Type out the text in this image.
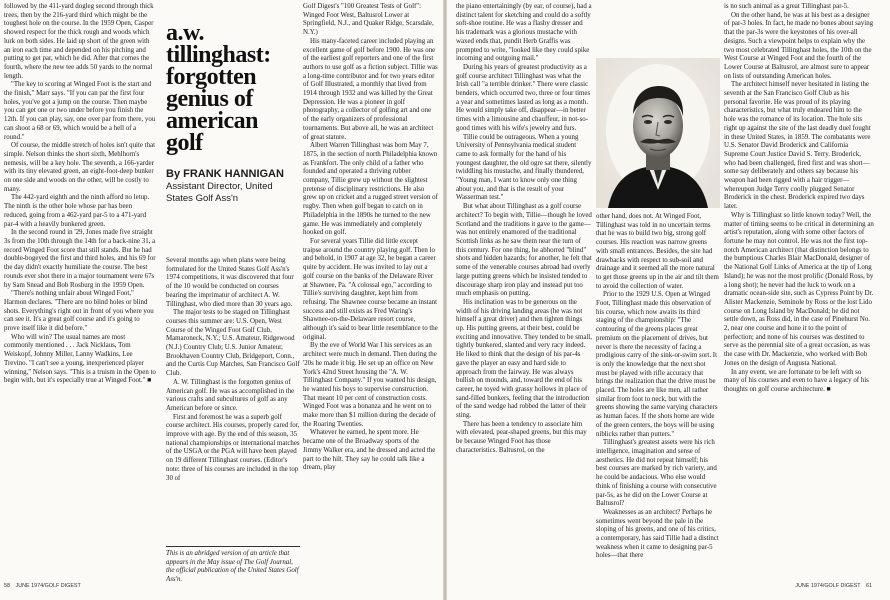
followed by the 411-yard dogleg second through thick trees, then by the 216-yard third which might be the toughest hole on the course. In the 1959 Open, Casper showed respect for the thick rough and woods which lurk on both sides. He laid up short of the green with an iron each time and depended on his pitching and putting to get par, which he did. After that comes the fourth, where the new tee adds 50 yards to the normal length.

"The key to scoring at Winged Foot is the start and the finish," Marr says. "If you can par the first four holes, you've got a jump on the course. Then maybe you can get one or two under before you finish the 12th. If you can play, say, one over par from there, you can shoot a 68 or 69, which would be a hell of a round."

Of course, the middle stretch of holes isn't quite that simple. Nelson thinks the short sixth, Mehlhorn's nemesis, will be a key hole. The seventh, a 166-yarder with its tiny elevated green, an eight-foot-deep bunker on one side and woods on the other, will be costly to many.

The 442-yard eighth and the ninth afford no letup. The ninth is the other hole whose par has been reduced, going from a 462-yard par-5 to a 471-yard par-4 with a heavily bunkered green.

In the second round in '29, Jones made five straight 3s from the 10th through the 14th for a back-nine 31, a record Winged Foot score that still stands. But he had double-bogeyed the first and third holes, and his 69 for the day didn't exactly humiliate the course. The best rounds ever shot there in a major tournament were 67s by Sam Snead and Bob Rosburg in the 1959 Open.

"There's nothing unfair about Winged Foot," Harmon declares. "There are no blind holes or blind shots. Everything's right out in front of you where you can see it. It's a great golf course and it's going to prove itself like it did before."

Who will win? The usual names are most commonly mentioned . . . Jack Nicklaus, Tom Weiskopf, Johnny Miller, Lanny Wadkins, Lee Trevino. "I can't see a young, inexperienced player winning," Nelson says. "This is a truism in the Open to begin with, but it's especially true at Winged Foot." ■

a.w. tillinghast: forgotten genius of american golf
By FRANK HANNIGAN
Assistant Director, United States Golf Ass'n

Several months ago when plans were being formulated for the United States Golf Ass'n's 1974 competitions, it was discovered that four of the 10 would be conducted on courses bearing the imprimatur of architect A. W. Tillinghast, who died more than 30 years ago.

The major tests to be staged on Tillinghast courses this summer are: U.S. Open, West Course of the Winged Foot Golf Club, Mamaroneck, N.Y.; U.S. Amateur, Ridgewood (N.J.) Country Club; U.S. Junior Amateur, Brookhaven Country Club, Bridgeport, Conn., and the Curtis Cup Matches, San Francisco Golf Club.

A. W. Tillinghast is the forgotten genius of American golf. He was as accomplished in the various crafts and subcultures of golf as any American before or since.

First and foremost he was a superb golf course architect. His courses, properly cared for, improve with age. By the end of this season, 35 national championships or international matches of the USGA or the PGA will have been played on 19 different Tillinghast courses. (Editor's note: three of his courses are included in the top 30 of

This is an abridged version of an article that appears in the May issue of The Golf Journal, the official publication of the United States Golf Ass'n.

Golf Digest's "100 Greatest Tests of Golf": Winged Foot West, Baltusrol Lower at Springfield, N.J., and Quaker Ridge, Scarsdale, N.Y.)

His many-faceted career included playing an excellent game of golf before 1900. He was one of the earliest golf reporters and one of the first authors to use golf as a fiction subject. Tillie was a long-time contributor and for two years editor of Golf Illustrated, a monthly that lived from 1914 through 1932 and was killed by the Great Depression. He was a pioneer in golf photography, a collector of golfing art and one of the early organizers of professional tournaments. But above all, he was an architect of great stature.

Albert Warren Tillinghast was born May 7, 1875, in the section of north Philadelphia known as Frankfort. The only child of a father who founded and operated a thriving rubber company, Tillie grew up without the slightest pretense of disciplinary restrictions. He also grew up on cricket and a rugged street version of rugby. Then when golf began to catch on in Philadelphia in the 1890s he turned to the new game. He was immediately and completely hooked on golf.

For several years Tillie did little except traipse around the country playing golf. Then lo and behold, in 1907 at age 32, he began a career quite by accident. He was invited to lay out a golf course on the banks of the Delaware River at Shawnee, Pa. "A colossal ego," according to Tillie's surviving daughter, kept him from refusing. The Shawnee course became an instant success and still exists as Fred Waring's Shawnee-on-the-Delaware resort course, although it's said to bear little resemblance to the original.

By the eve of World War I his services as an architect were much in demand. Then during the '20s he made it big. He set up an office on New York's 42nd Street housing the "A. W. Tillinghast Company." If you wanted his design, he wanted his boys to supervise construction. That meant 10 per cent of construction costs. Winged Foot was a bonanza and he went on to make more than $1 million during the decade of the Roaring Twenties.

Whatever he earned, he spent more. He became one of the Broadway sports of the Jimmy Walker era, and he dressed and acted the part to the hilt. They say he could talk like a dream, play

the piano entertainingly (by ear, of course), had a distinct talent for sketching and could do a softly soft-shoe routine. He was a flashy dresser and his trademark was a glorious mustache with waxed ends that, pundit Herb Graffis was prompted to write, "looked like they could spike incoming and outgoing mail."

During his years of greatest productivity as a golf course architect Tillinghast was what the Irish call "a terrible drinker." There were classic benders, which occurred two, three or four times a year and sometimes lasted as long as a month. He would simply take off, disappear—in better times with a limousine and chauffeur, in not-so-good times with his wife's jewelry and furs.

Tillie could be outrageous. When a young University of Pennsylvania medical student came to ask formally for the hand of his youngest daughter, the old ogre sat there, silently twiddling his mustache, and finally thundered, "Young man, I want to know only one thing about you, and that is the result of your Wasserman test."

But what about Tillinghast as a golf course architect? To begin with, Tillie—though he loved Scotland and the traditions it gave to the game—was not entirely enamored of the traditional Scottish links as he saw them near the turn of this century. For one thing, he abhorred "blind" shots and hidden hazards; for another, he felt that some of the venerable courses abroad had overly large putting greens which he insisted tended to discourage sharp iron play and instead put too much emphasis on putting.

His inclination was to be generous on the width of his driving landing areas (he was not himself a great driver) and then tighten things up. His putting greens, at their best, could be exciting and innovative. They tended to be small, tightly bunkered, slanted and very racy indeed. He liked to think that the design of his par-4s gave the player an easy and hard side to approach from the fairway. He was always bullish on mounds, and, toward the end of his career, he toyed with grassy hollows in place of sand-filled bunkers, feeling that the introduction of the sand wedge had robbed the latter of their sting.

There has been a tendency to associate him with elevated, pear-shaped greens, but this may be because Winged Foot has those characteristics. Baltusrol, on the

other hand, does not. At Winged Foot, Tillinghast was told in no uncertain terms that he was to build two big, strong golf courses. His reaction was narrow greens with small entrances. Besides, the site had drawbacks with respect to sub-soil and drainage and it seemed all the more natural to get those greens up in the air and tilt them to avoid the collection of water.

Prior to the 1929 U.S. Open at Winged Foot, Tillinghast made this observation of his course, which now awaits its third staging of the championship: "The contouring of the greens places great premium on the placement of drives, but never is there the necessity of facing a prodigious carry of the sink-or-swim sort. It is only the knowledge that the next shot must be played with rifle accuracy that brings the realization that the drive must be placed. The holes are like men, all rather similar from foot to neck, but with the greens showing the same varying characters as human faces. If the shots home are wide of the green centers, the boys will be using niblicks rather than putters."

Tillinghast's greatest assets were his rich intelligence, imagination and sense of aesthetics. He did not repeat himself; his best courses are marked by rich variety, and he could be audacious. Who else would think of finishing a course with consecutive par-5s, as he did on the Lower Course at Baltusrol?

Weaknesses as an architect? Perhaps he sometimes went beyond the pale in the sloping of his greens, and one of his critics, a contemporary, has said Tillie had a distinct weakness when it came to designing par-5 holes—that there

is no such animal as a great Tillinghast par-5.

On the other hand, he was at his best as a designer of par-3 holes. In fact, he made no bones about saying that the par-3s were the keystones of his over-all designs. Such a viewpoint helps to explain why the two most celebrated Tillinghast holes, the 10th on the West Course at Winged Foot and the fourth of the Lower Course at Baltusrol, are almost sure to appear on lists of outstanding American holes.

The architect himself never hesitated in listing the seventh at the San Francisco Golf Club as his personal favorite. He was proud of its playing characteristics, but what truly endeared him to the hole was the romance of its location. The hole sits right up against the site of the last deadly duel fought in these United States, in 1859. The combatants were U.S. Senator David Broderick and California Supreme Court Justice David S. Terry. Broderick, who had been challenged, fired first and was short—some say deliberately and others say because his weapon had been rigged with a hair trigger—whereupon Judge Terry coolly plugged Senator Broderick in the chest. Broderick expired two days later.

Why is Tillinghast so little known today? Well, the matter of timing seems to be critical in determining an artist's reputation, along with some other factors of fortune he may not control. He was not the first top-notch American architect (that distinction belongs to the bumptious Charles Blair MacDonald, designer of the National Golf Links of America at the tip of Long Island); he was not the most prolific (Donald Ross, by a long shot); he never had the luck to work on a dramatic ocean-side site, such as Cypress Point by Dr. Alister Mackenzie, Seminole by Ross or the lost Lido course on Long Island by MacDonald; he did not settle down, as Ross did, in the case of Pinehurst No. 2, near one course and hone it to the point of perfection; and none of his courses was destined to serve as the perennial site of a great occasion, as was the case with Dr. Mackenzie, who worked with Bob Jones on the design of Augusta National.

In any event, we are fortunate to be left with so many of his courses and even to have a legacy of his thoughts on golf course architecture. ■

58 JUNE 1974/GOLF DIGEST	JUNE 1974/GOLF DIGEST 61
